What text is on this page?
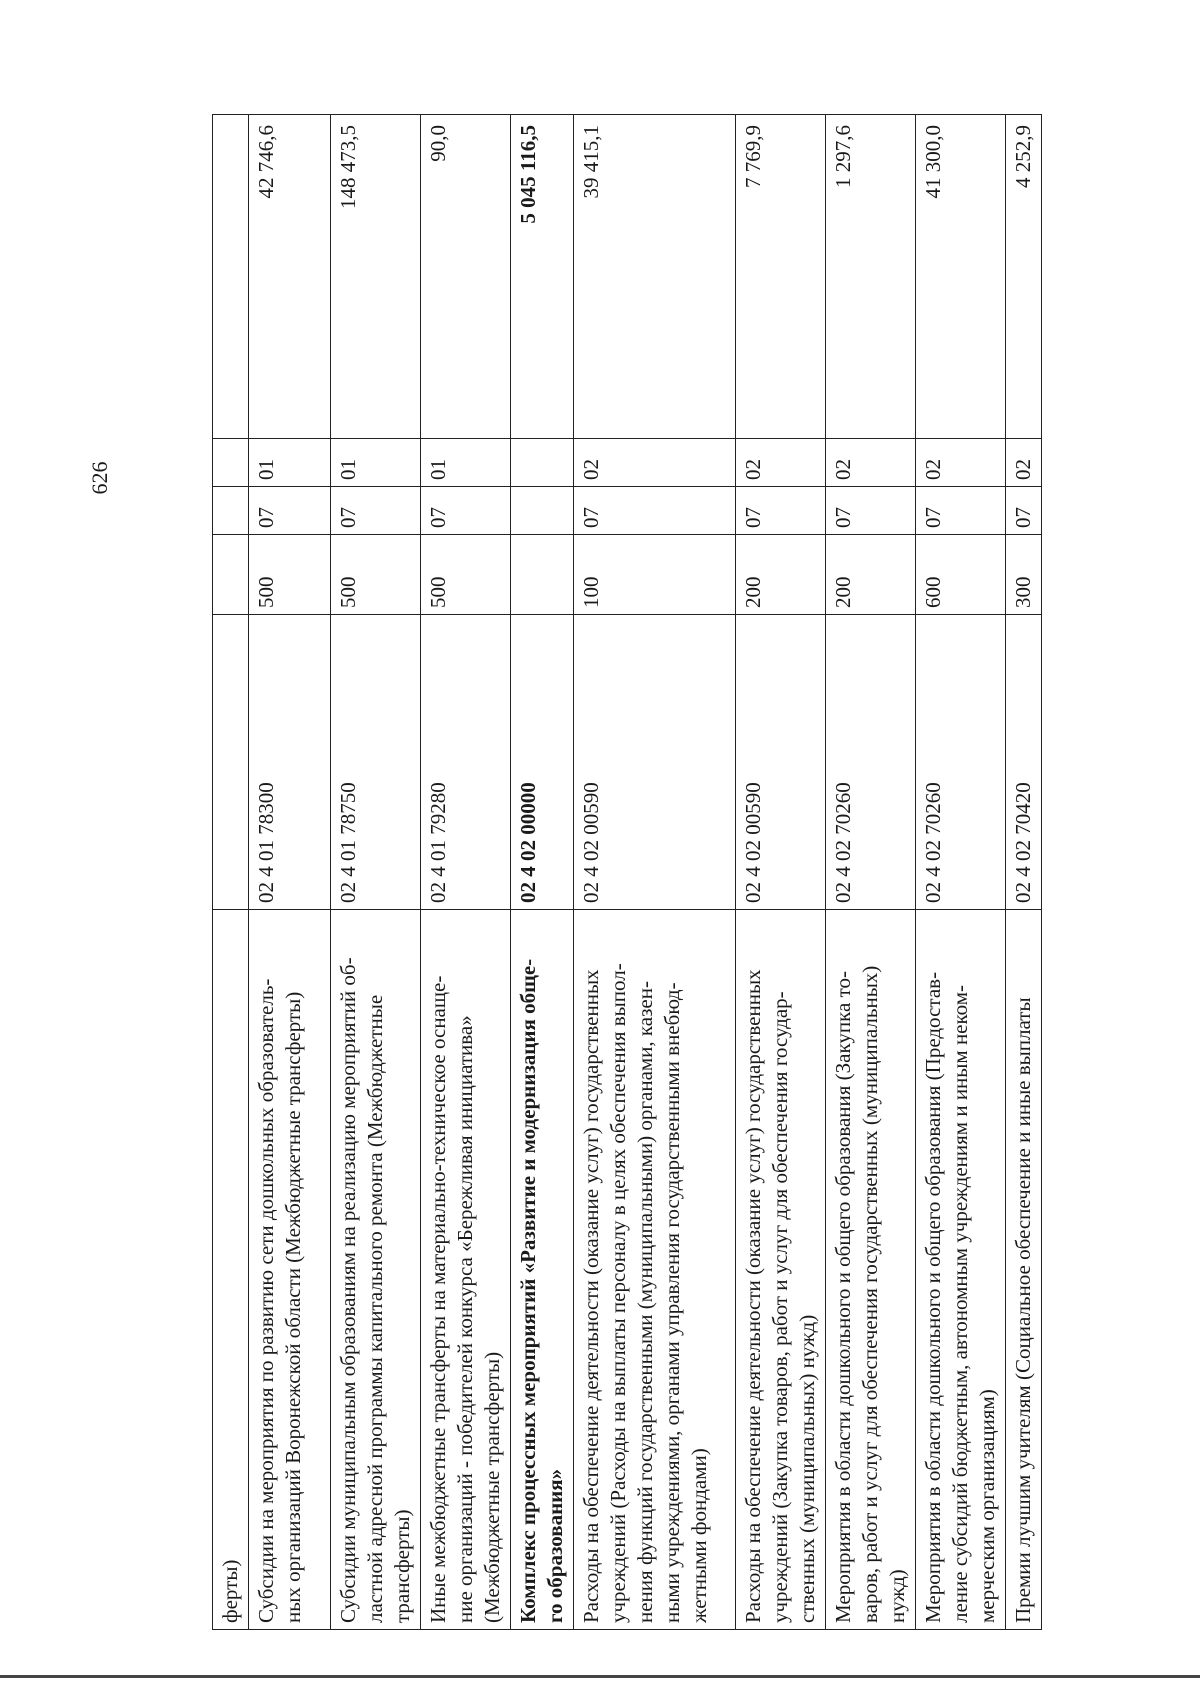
626
ферты)					
Субсидии на мероприятия по развитию сети дошкольных образователь-
ных организаций Воронежской области (Межбюджетные трансферты)	02 4 01 78300	500	07	01	42 746,6
Субсидии муниципальным образованиям на реализацию мероприятий об-
ластной адресной программы капитального ремонта (Межбюджетные
трансферты)	02 4 01 78750	500	07	01	148 473,5
Иные межбюджетные трансферты на материально-техническое оснаще-
ние организаций - победителей конкурса «Бережливая инициатива»
(Межбюджетные трансферты)	02 4 01 79280	500	07	01	90,0
Комплекс процессных мероприятий «Развитие и модернизация обще-
го образования»	02 4 02 00000				5 045 116,5
Расходы на обеспечение деятельности (оказание услуг) государственных
учреждений (Расходы на выплаты персоналу в целях обеспечения выпол-
нения функций государственными (муниципальными) органами, казен-
ными учреждениями, органами управления государственными внебюд-
жетными фондами)	02 4 02 00590	100	07	02	39 415,1
Расходы на обеспечение деятельности (оказание услуг) государственных
учреждений (Закупка товаров, работ и услуг для обеспечения государ-
ственных (муниципальных) нужд)	02 4 02 00590	200	07	02	7 769,9
Мероприятия в области дошкольного и общего образования (Закупка то-
варов, работ и услуг для обеспечения государственных (муниципальных)
нужд)	02 4 02 70260	200	07	02	1 297,6
Мероприятия в области дошкольного и общего образования (Предостав-
ление субсидий бюджетным, автономным учреждениям и иным неком-
мерческим организациям)	02 4 02 70260	600	07	02	41 300,0
Премии лучшим учителям (Социальное обеспечение и иные выплаты	02 4 02 70420	300	07	02	4 252,9
